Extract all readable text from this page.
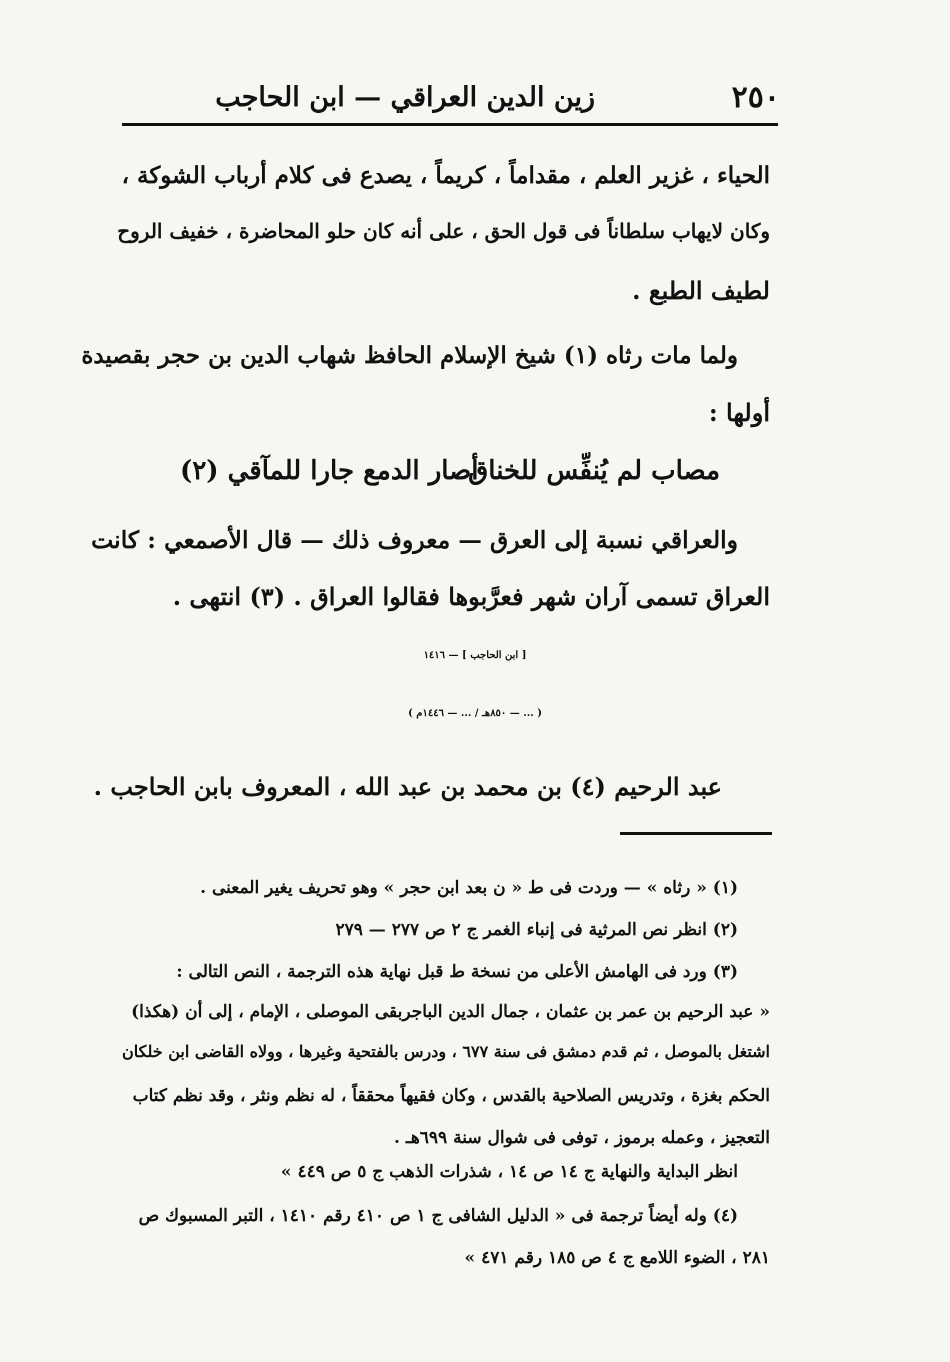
٢٥٠
زين الدين العراقي — ابن الحاجب
الحياء ، غزير العلم ، مقداماً ، كريماً ، يصدع فى كلام أرباب الشوكة ،
وكان لايهاب سلطاناً فى قول الحق ، على أنه كان حلو المحاضرة ، خفيف الروح
لطيف الطبع .
ولما مات رثاه (١) شيخ الإسلام الحافظ شهاب الدين بن حجر بقصيدة
أولها :
مصاب لم يُنفِّس للخناق
أصار الدمع جارا للمآقي (٢)
والعراقي نسبة إلى العرق — معروف ذلك — قال الأصمعي : كانت
العراق تسمى آران شهر فعرَّبوها فقالوا العراق . (٣) انتهى .
[ ابن الحاجب ] — ١٤١٦
( ... — ٨٥٠هـ / ... — ١٤٤٦م )
عبد الرحيم (٤) بن محمد بن عبد الله ، المعروف بابن الحاجب .
(١) « رثاه » — وردت فى ط « ن بعد ابن حجر » وهو تحريف يغير المعنى .
(٢) انظر نص المرثية فى إنباء الغمر ج ٢ ص ٢٧٧ — ٢٧٩
(٣) ورد فى الهامش الأعلى من نسخة ط قبل نهاية هذه الترجمة ، النص التالى :
« عبد الرحيم بن عمر بن عثمان ، جمال الدين الباجربقى الموصلى ، الإمام ، إلى أن (هكذا)
اشتغل بالموصل ، ثم قدم دمشق فى سنة ٦٧٧ ، ودرس بالفتحية وغيرها ، وولاه القاضى ابن خلكان
الحكم بغزة ، وتدريس الصلاحية بالقدس ، وكان فقيهاً محققاً ، له نظم ونثر ، وقد نظم كتاب
التعجيز ، وعمله برموز ، توفى فى شوال سنة ٦٩٩هـ .
انظر البداية والنهاية ج ١٤ ص ١٤ ، شذرات الذهب ج ٥ ص ٤٤٩ »
(٤) وله أيضاً ترجمة فى « الدليل الشافى ج ١ ص ٤١٠ رقم ١٤١٠ ، التبر المسبوك ص
٢٨١ ، الضوء اللامع ج ٤ ص ١٨٥ رقم ٤٧١ »
